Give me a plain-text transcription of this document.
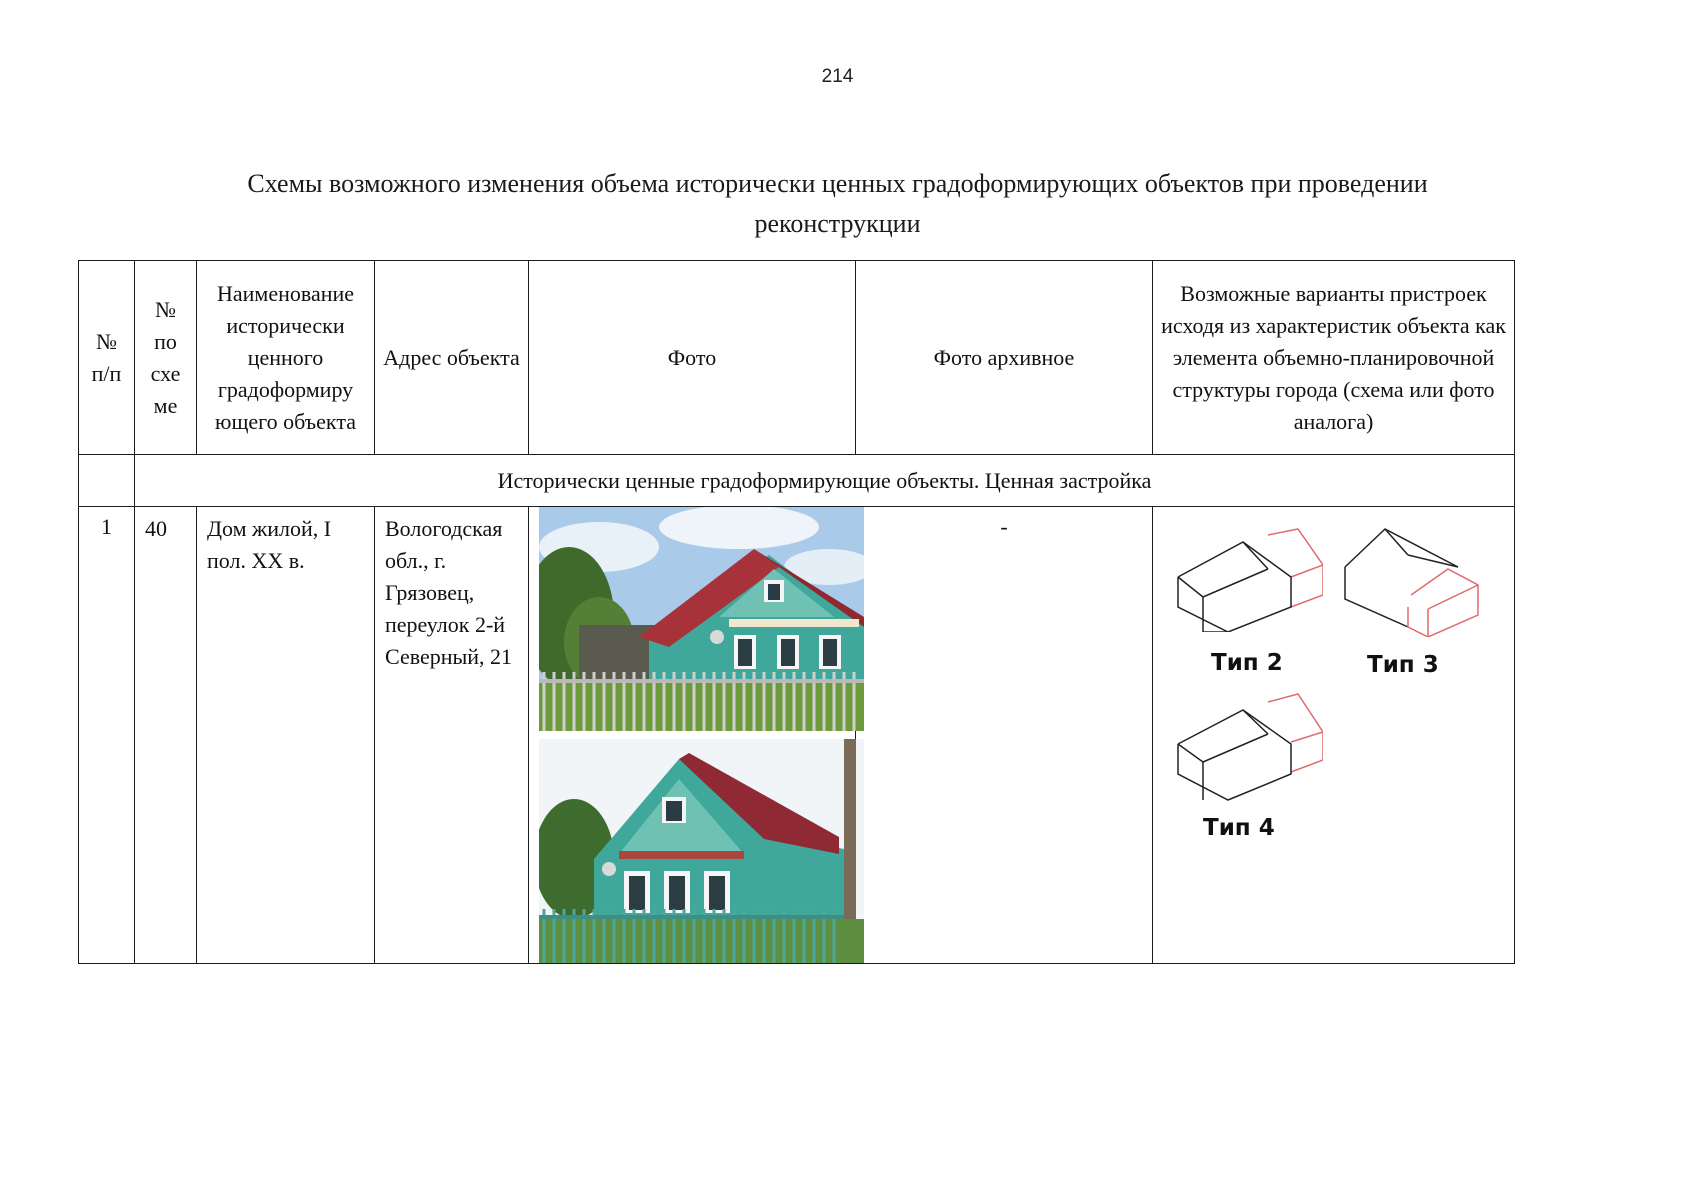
214
Схемы возможного изменения объема исторически ценных градоформирующих объектов при проведении
реконструкции
№ п/п	№ по схе ме	Наименование исторически ценного градоформиру ющего объекта	Адрес объекта	Фото	Фото архивное	Возможные варианты пристроек исходя из характеристик объекта как элемента объемно-планировочной структуры города (схема или фото аналога)

	Исторически ценные градоформирующие объекты. Ценная застройка					

1	40	Дом жилой, I пол. XX в.	Вологодская обл., г. Грязовец, переулок 2-й Северный, 21		-	Тип 2 Тип 3
Тип 4
